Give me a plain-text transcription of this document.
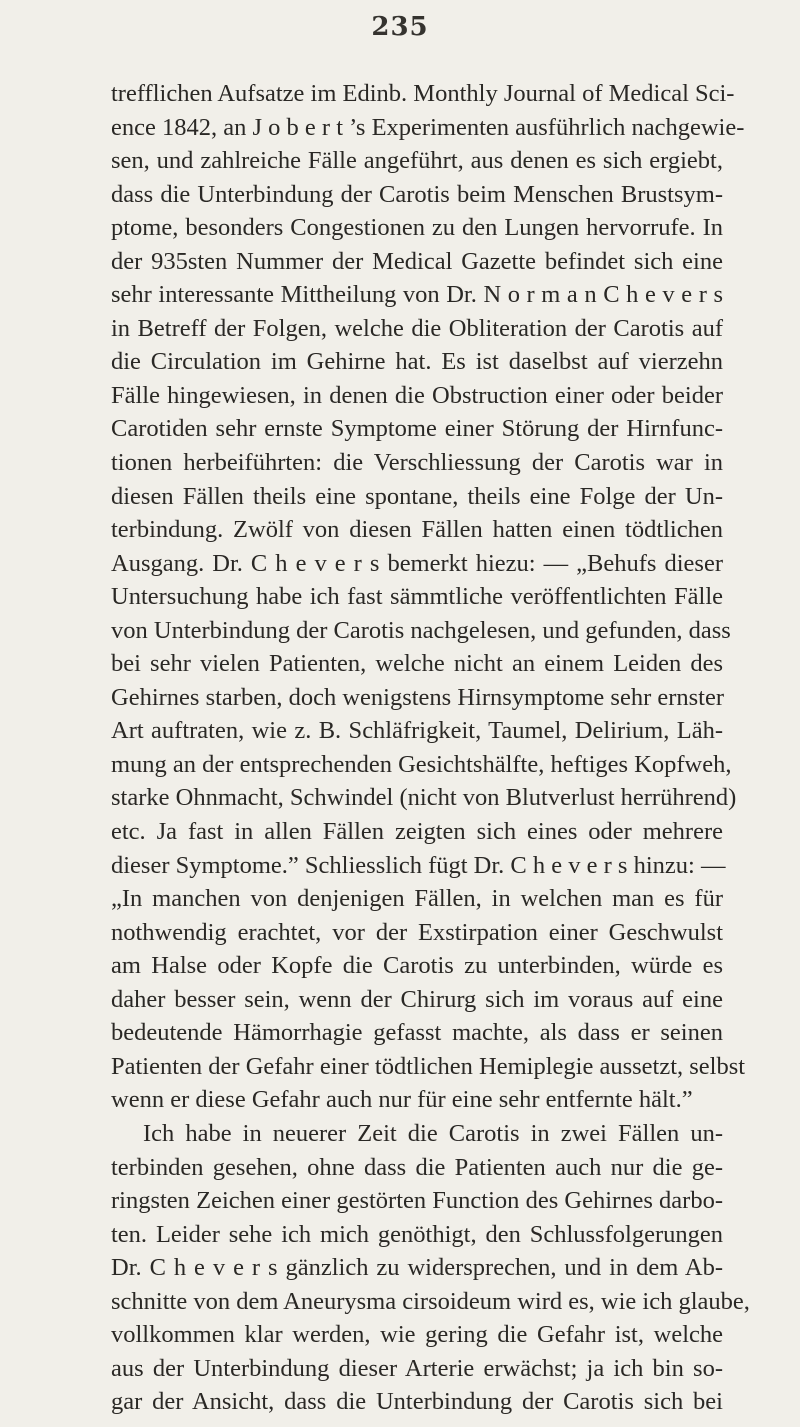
235
trefflichen Aufsatze im Edinb. Monthly Journal of Medical Sci-
ence 1842, an J o b e r t ’s Experimenten ausführlich nachgewie-
sen, und zahlreiche Fälle angeführt, aus denen es sich ergiebt,
dass die Unterbindung der Carotis beim Menschen Brustsym-
ptome, besonders Congestionen zu den Lungen hervorrufe. In
der 935sten Nummer der Medical Gazette befindet sich eine
sehr interessante Mittheilung von Dr. N o r m a n C h e v e r s
in Betreff der Folgen, welche die Obliteration der Carotis auf
die Circulation im Gehirne hat. Es ist daselbst auf vierzehn
Fälle hingewiesen, in denen die Obstruction einer oder beider
Carotiden sehr ernste Symptome einer Störung der Hirnfunc-
tionen herbeiführten: die Verschliessung der Carotis war in
diesen Fällen theils eine spontane, theils eine Folge der Un-
terbindung. Zwölf von diesen Fällen hatten einen tödtlichen
Ausgang. Dr. C h e v e r s bemerkt hiezu: — „Behufs dieser
Untersuchung habe ich fast sämmtliche veröffentlichten Fälle
von Unterbindung der Carotis nachgelesen, und gefunden, dass
bei sehr vielen Patienten, welche nicht an einem Leiden des
Gehirnes starben, doch wenigstens Hirnsymptome sehr ernster
Art auftraten, wie z. B. Schläfrigkeit, Taumel, Delirium, Läh-
mung an der entsprechenden Gesichtshälfte, heftiges Kopfweh,
starke Ohnmacht, Schwindel (nicht von Blutverlust herrührend)
etc. Ja fast in allen Fällen zeigten sich eines oder mehrere
dieser Symptome.” Schliesslich fügt Dr. C h e v e r s hinzu: —
„In manchen von denjenigen Fällen, in welchen man es für
nothwendig erachtet, vor der Exstirpation einer Geschwulst
am Halse oder Kopfe die Carotis zu unterbinden, würde es
daher besser sein, wenn der Chirurg sich im voraus auf eine
bedeutende Hämorrhagie gefasst machte, als dass er seinen
Patienten der Gefahr einer tödtlichen Hemiplegie aussetzt, selbst
wenn er diese Gefahr auch nur für eine sehr entfernte hält.”
Ich habe in neuerer Zeit die Carotis in zwei Fällen un-
terbinden gesehen, ohne dass die Patienten auch nur die ge-
ringsten Zeichen einer gestörten Function des Gehirnes darbo-
ten. Leider sehe ich mich genöthigt, den Schlussfolgerungen
Dr. C h e v e r s gänzlich zu widersprechen, und in dem Ab-
schnitte von dem Aneurysma cirsoideum wird es, wie ich glaube,
vollkommen klar werden, wie gering die Gefahr ist, welche
aus der Unterbindung dieser Arterie erwächst; ja ich bin so-
gar der Ansicht, dass die Unterbindung der Carotis sich bei
